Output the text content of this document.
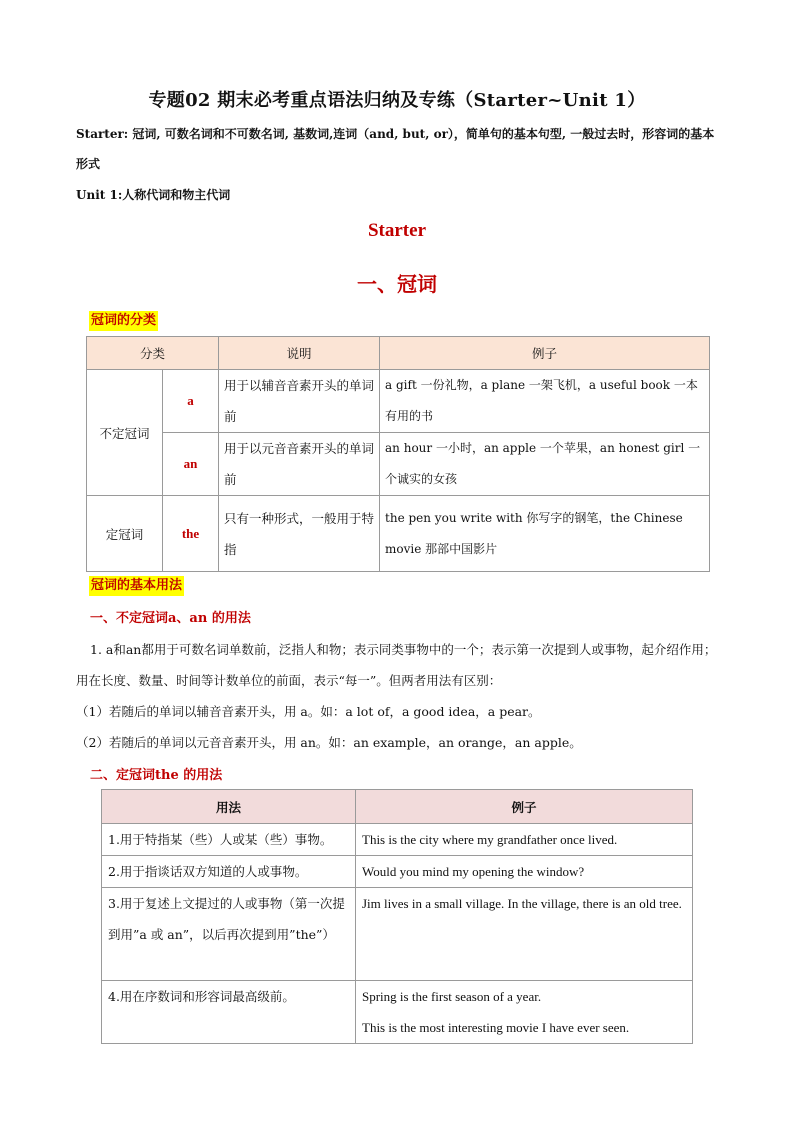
专题02 期末必考重点语法归纳及专练（Starter~Unit 1）
Starter: 冠词, 可数名词和不可数名词, 基数词,连词（and, but, or），简单句的基本句型, 一般过去时，形容词的基本形式
Unit 1:人称代词和物主代词
Starter
一、冠词
冠词的分类
分类		说明	例子
不定冠词	a	用于以辅音音素开头的单词前	a gift 一份礼物，a plane 一架飞机，a useful book 一本有用的书
	an	用于以元音音素开头的单词前	an hour 一小时，an apple 一个苹果，an honest girl 一个诚实的女孩
定冠词	the	只有一种形式，一般用于特指	the pen you write with 你写字的钢笔，the Chinese movie 那部中国影片
冠词的基本用法
一、不定冠词a、an 的用法
1. a和an都用于可数名词单数前，泛指人和物；表示同类事物中的一个；表示第一次提到人或事物，起介绍作用；用在长度、数量、时间等计数单位的前面，表示“每一”。但两者用法有区别：
（1）若随后的单词以辅音音素开头，用 a。如：a lot of，a good idea，a pear。
（2）若随后的单词以元音音素开头，用 an。如：an example，an orange，an apple。
二、定冠词the 的用法
用法	例子
1.用于特指某（些）人或某（些）事物。	This is the city where my grandfather once lived.
2.用于指谈话双方知道的人或事物。	Would you mind my opening the window?
3.用于复述上文提过的人或事物（第一次提到用”a 或 an”，以后再次提到用”the”）	Jim lives in a small village. In the village, there is an old tree.
4.用在序数词和形容词最高级前。	Spring is the first season of a year.
This is the most interesting movie I have ever seen.
